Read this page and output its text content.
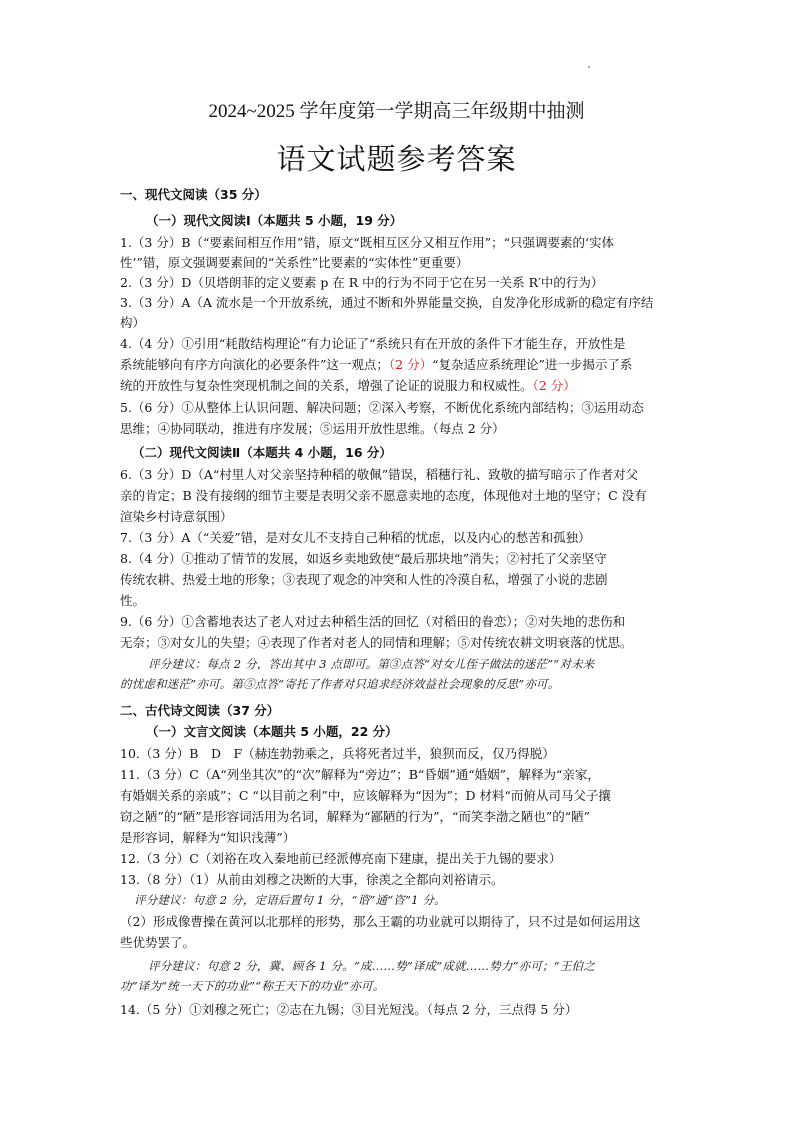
2024~2025 学年度第一学期高三年级期中抽测
语文试题参考答案
一、现代文阅读（35 分）
（一）现代文阅读Ⅰ（本题共 5 小题，19 分）
1.（3 分）B（“要素间相互作用”错，原文“既相互区分又相互作用”；“只强调要素的‘实体
性’”错，原文强调要素间的“关系性”比要素的“实体性”更重要）
2.（3 分）D（贝塔朗菲的定义要素 p 在 R 中的行为不同于它在另一关系 R′中的行为）
3.（3 分）A（A 流水是一个开放系统，通过不断和外界能量交换，自发净化形成新的稳定有序结
构）
4.（4 分）①引用“耗散结构理论”有力论证了“系统只有在开放的条件下才能生存，开放性是
系统能够向有序方向演化的必要条件”这一观点；（2 分）“复杂适应系统理论”进一步揭示了系
统的开放性与复杂性突现机制之间的关系，增强了论证的说服力和权威性。（2 分）
5.（6 分）①从整体上认识问题、解决问题；②深入考察，不断优化系统内部结构；③运用动态
思维；④协同联动，推进有序发展；⑤运用开放性思维。（每点 2 分）
（二）现代文阅读Ⅱ（本题共 4 小题，16 分）
6.（3 分）D（A“村里人对父亲坚持种稻的敬佩”错误，稻穗行礼、致敬的描写暗示了作者对父
亲的肯定；B 没有接纲的细节主要是表明父亲不愿意卖地的态度，体现他对土地的坚守；C 没有
渲染乡村诗意氛围）
7.（3 分）A（“关爱”错，是对女儿不支持自己种稻的忧虑，以及内心的愁苦和孤独）
8.（4 分）①推动了情节的发展，如返乡卖地致使“最后那块地”消失；②衬托了父亲坚守
传统农耕、热爱土地的形象；③表现了观念的冲突和人性的冷漠自私，增强了小说的悲剧
性。
9.（6 分）①含蓄地表达了老人对过去种稻生活的回忆（对稻田的眷恋）；②对失地的悲伤和
无奈；③对女儿的失望；④表现了作者对老人的同情和理解；⑤对传统农耕文明衰落的忧思。
评分建议：每点 2 分，答出其中 3 点即可。第③点答“对女儿侄子做法的迷茫”“对未来
的忧虑和迷茫”亦可。第⑤点答“寄托了作者对只追求经济效益社会现象的反思”亦可。
二、古代诗文阅读（37 分）
（一）文言文阅读（本题共 5 小题，22 分）
10.（3 分）B　D　F（赫连勃勃乘之，兵将死者过半，狼狈而反，仅乃得脱）
11.（3 分）C（A“列坐其次”的“次”解释为“旁边”；B“昏姻”通“婚姻”，解释为“亲家，
有婚姻关系的亲戚”；C “以目前之利”中，应该解释为“因为”；D 材料“而俯从司马父子攘
窃之陋”的“陋”是形容词活用为名词，解释为“鄙陋的行为”，“而笑李渤之陋也”的“陋”
是形容词，解释为“知识浅薄”）
12.（3 分）C（刘裕在攻入秦地前已经派傅亮南下建康，提出关于九锡的要求）
13.（8 分）（1）从前由刘穆之决断的大事，徐羡之全都向刘裕请示。
评分建议：句意 2 分，定语后置句 1 分，“谘”通“咨”1 分。
（2）形成像曹操在黄河以北那样的形势，那么王霸的功业就可以期待了，只不过是如何运用这
些优势罢了。
评分建议：句意 2 分，冀、顾各 1 分。“成……势”译成“成就……势力”亦可；“王伯之
功”译为“统一天下的功业”“称王天下的功业”亦可。
14.（5 分）①刘穆之死亡；②志在九锡；③目光短浅。（每点 2 分，三点得 5 分）
